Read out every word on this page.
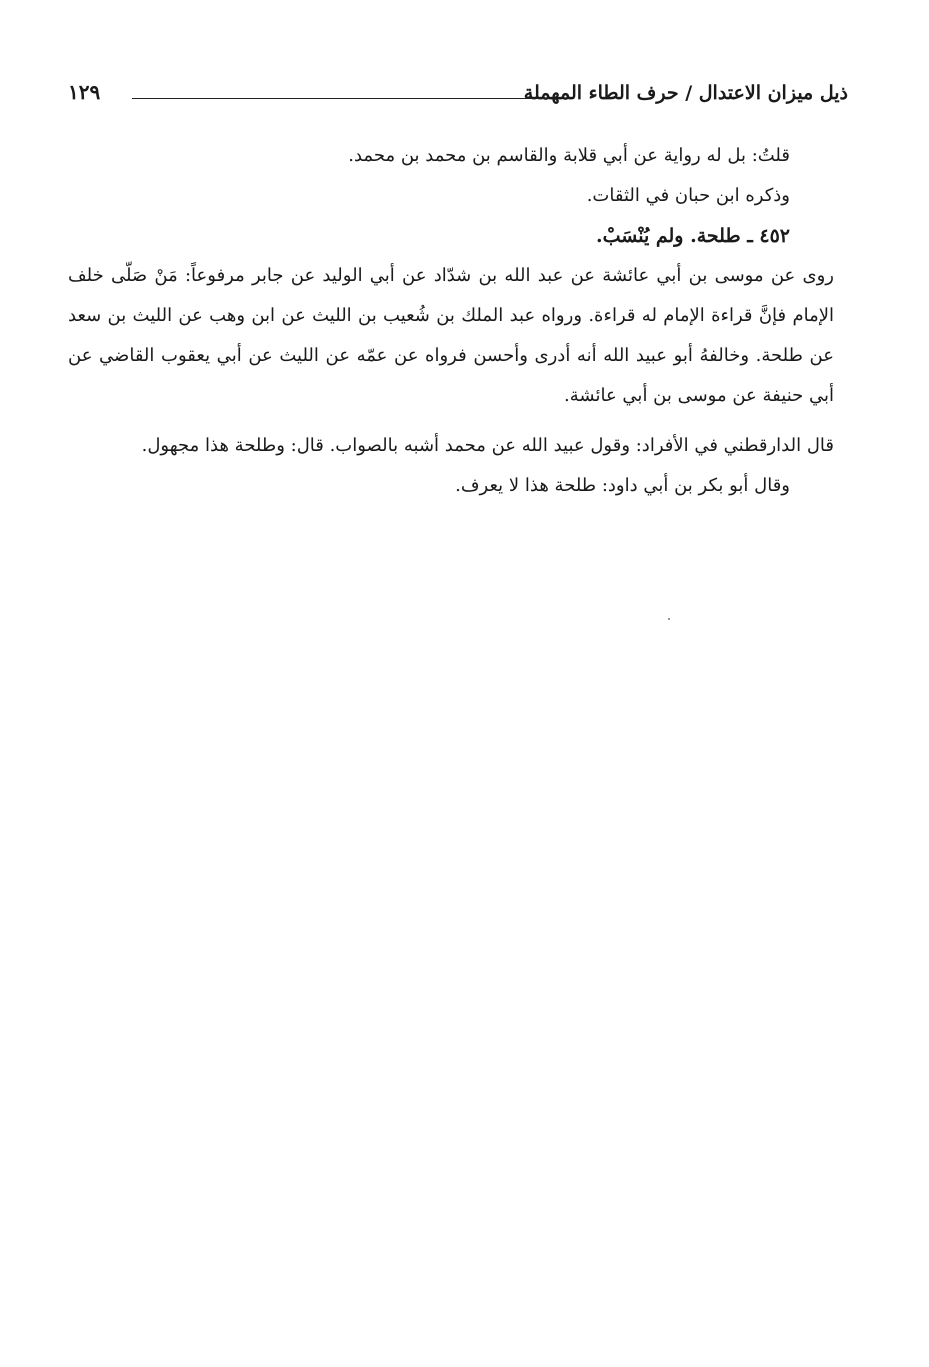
ذيل ميزان الاعتدال / حرف الطاء المهملة
١٢٩

قلتُ: بل له رواية عن أبي قلابة والقاسم بن محمد بن محمد.

وذكره ابن حبان في الثقات.

٤٥٢ ـ طلحة. ولم يُنْسَبْ.

روى عن موسى بن أبي عائشة عن عبد الله بن شدّاد عن أبي الوليد عن جابر مرفوعاً: مَنْ صَلّى خلف الإمام فإنَّ قراءة الإمام له قراءة. ورواه عبد الملك بن شُعيب بن الليث عن ابن وهب عن الليث بن سعد عن طلحة. وخالفهُ أبو عبيد الله أنه أدرى وأحسن فرواه عن عمّه عن الليث عن أبي يعقوب القاضي عن أبي حنيفة عن موسى بن أبي عائشة.

قال الدارقطني في الأفراد: وقول عبيد الله عن محمد أشبه بالصواب. قال: وطلحة هذا مجهول.

وقال أبو بكر بن أبي داود: طلحة هذا لا يعرف.
